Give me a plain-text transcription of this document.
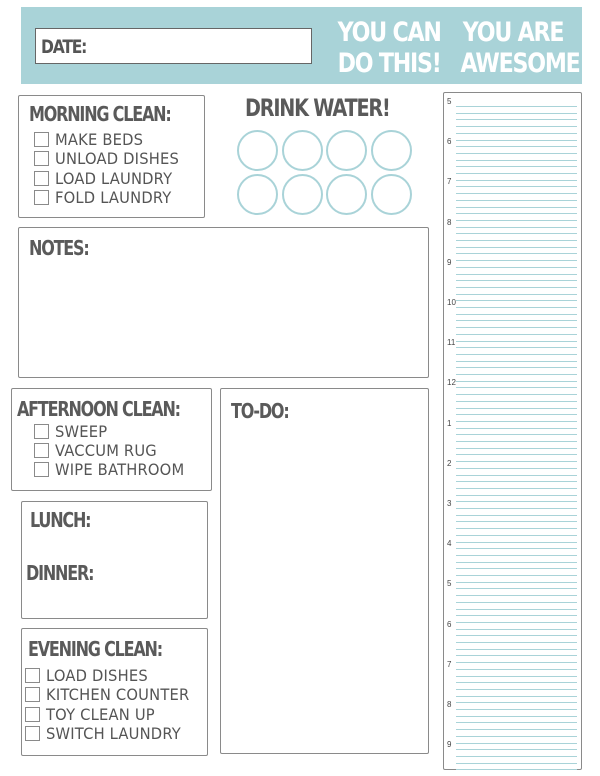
DATE:	YOU CAN
DO THIS!
YOU ARE
AWESOME!
MORNING CLEAN:
MAKE BEDS
UNLOAD DISHES
LOAD LAUNDRY
FOLD LAUNDRY
DRINK WATER!
NOTES:
AFTERNOON CLEAN:
SWEEP
VACCUM RUG
WIPE BATHROOM
TO-DO:
LUNCH:
DINNER:
EVENING CLEAN:
LOAD DISHES
KITCHEN COUNTER
TOY CLEAN UP
SWITCH LAUNDRY
5
6
7
8
9
10
11
12
1
2
3
4
5
6
7
8
9
